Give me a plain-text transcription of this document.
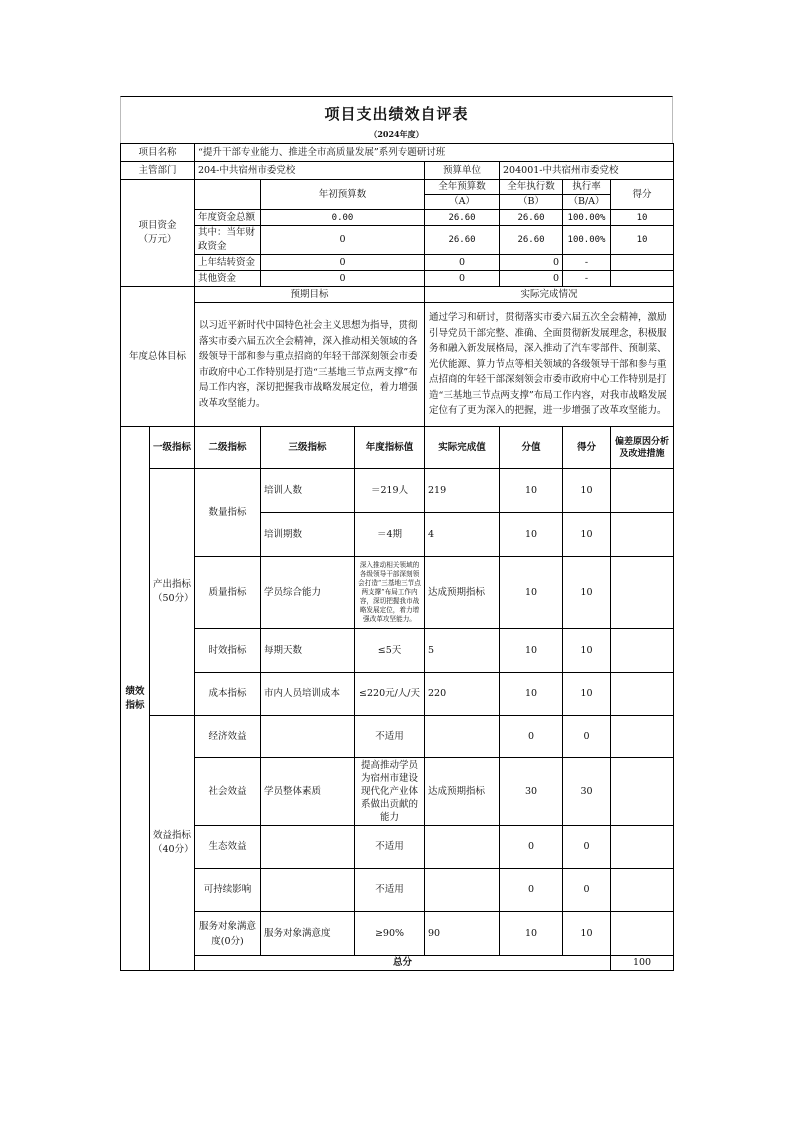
项目支出绩效自评表
（2024年度）
项目名称		“提升干部专业能力、推进全市高质量发展”系列专题研讨班							
主管部门		204-中共宿州市委党校			预算单位	204001-中共宿州市委党校			

项目资金
（万元）			年初预算数		全年预算数	全年执行数	执行率	得分	
					（A）	（B）	（B/A）		
		年度资金总额	0.00		26.60	26.60	100.00%	10	
		其中：当年财政资金	0		26.60	26.60	100.00%	10	
		上年结转资金	0		0	0	-		
		其他资金	0		0	0	-		
年度总体目标		预期目标			实际完成情况				
		以习近平新时代中国特色社会主义思想为指导，贯彻落实市委六届五次全会精神，深入推动相关领域的各级领导干部和参与重点招商的年轻干部深刻领会市委市政府中心工作特别是打造“三基地三节点两支撑”布局工作内容，深切把握我市战略发展定位，着力增强改革攻坚能力。			通过学习和研讨，贯彻落实市委六届五次全会精神，激励引导党员干部完整、准确、全面贯彻新发展理念，积极服务和融入新发展格局，深入推动了汽车零部件、预制菜、光伏能源、算力节点等相关领域的各级领导干部和参与重点招商的年轻干部深刻领会市委市政府中心工作特别是打造“三基地三节点两支撑”布局工作内容，对我市战略发展定位有了更为深入的把握，进一步增强了改革攻坚能力。				

绩效
指标	一级指标	二级指标	三级指标	年度指标值	实际完成值	分值	得分	偏差原因分析及改进措施	

	产出指标
（50分）	数量指标	培训人数	＝219人	219	10	10		
			培训期数	＝4期	4	10	10		
		质量指标	学员综合能力	深入推动相关领域的各级领导干部深刻领会打造“三基地三节点两支撑”布局工作内容，深切把握我市战略发展定位，着力增强改革攻坚能力。	达成预期指标	10	10		
		时效指标	每期天数	≤5天	5	10	10		
		成本指标	市内人员培训成本	≤220元/人/天	220	10	10		

	效益指标
（40分）	经济效益		不适用		0	0		
		社会效益	学员整体素质	提高推动学员为宿州市建设现代化产业体系做出贡献的能力	达成预期指标	30	30		
		生态效益		不适用		0	0		
		可持续影响		不适用		0	0		
		服务对象满意度(0分)	服务对象满意度	≥90%	90	10	10		
		总分						100		
